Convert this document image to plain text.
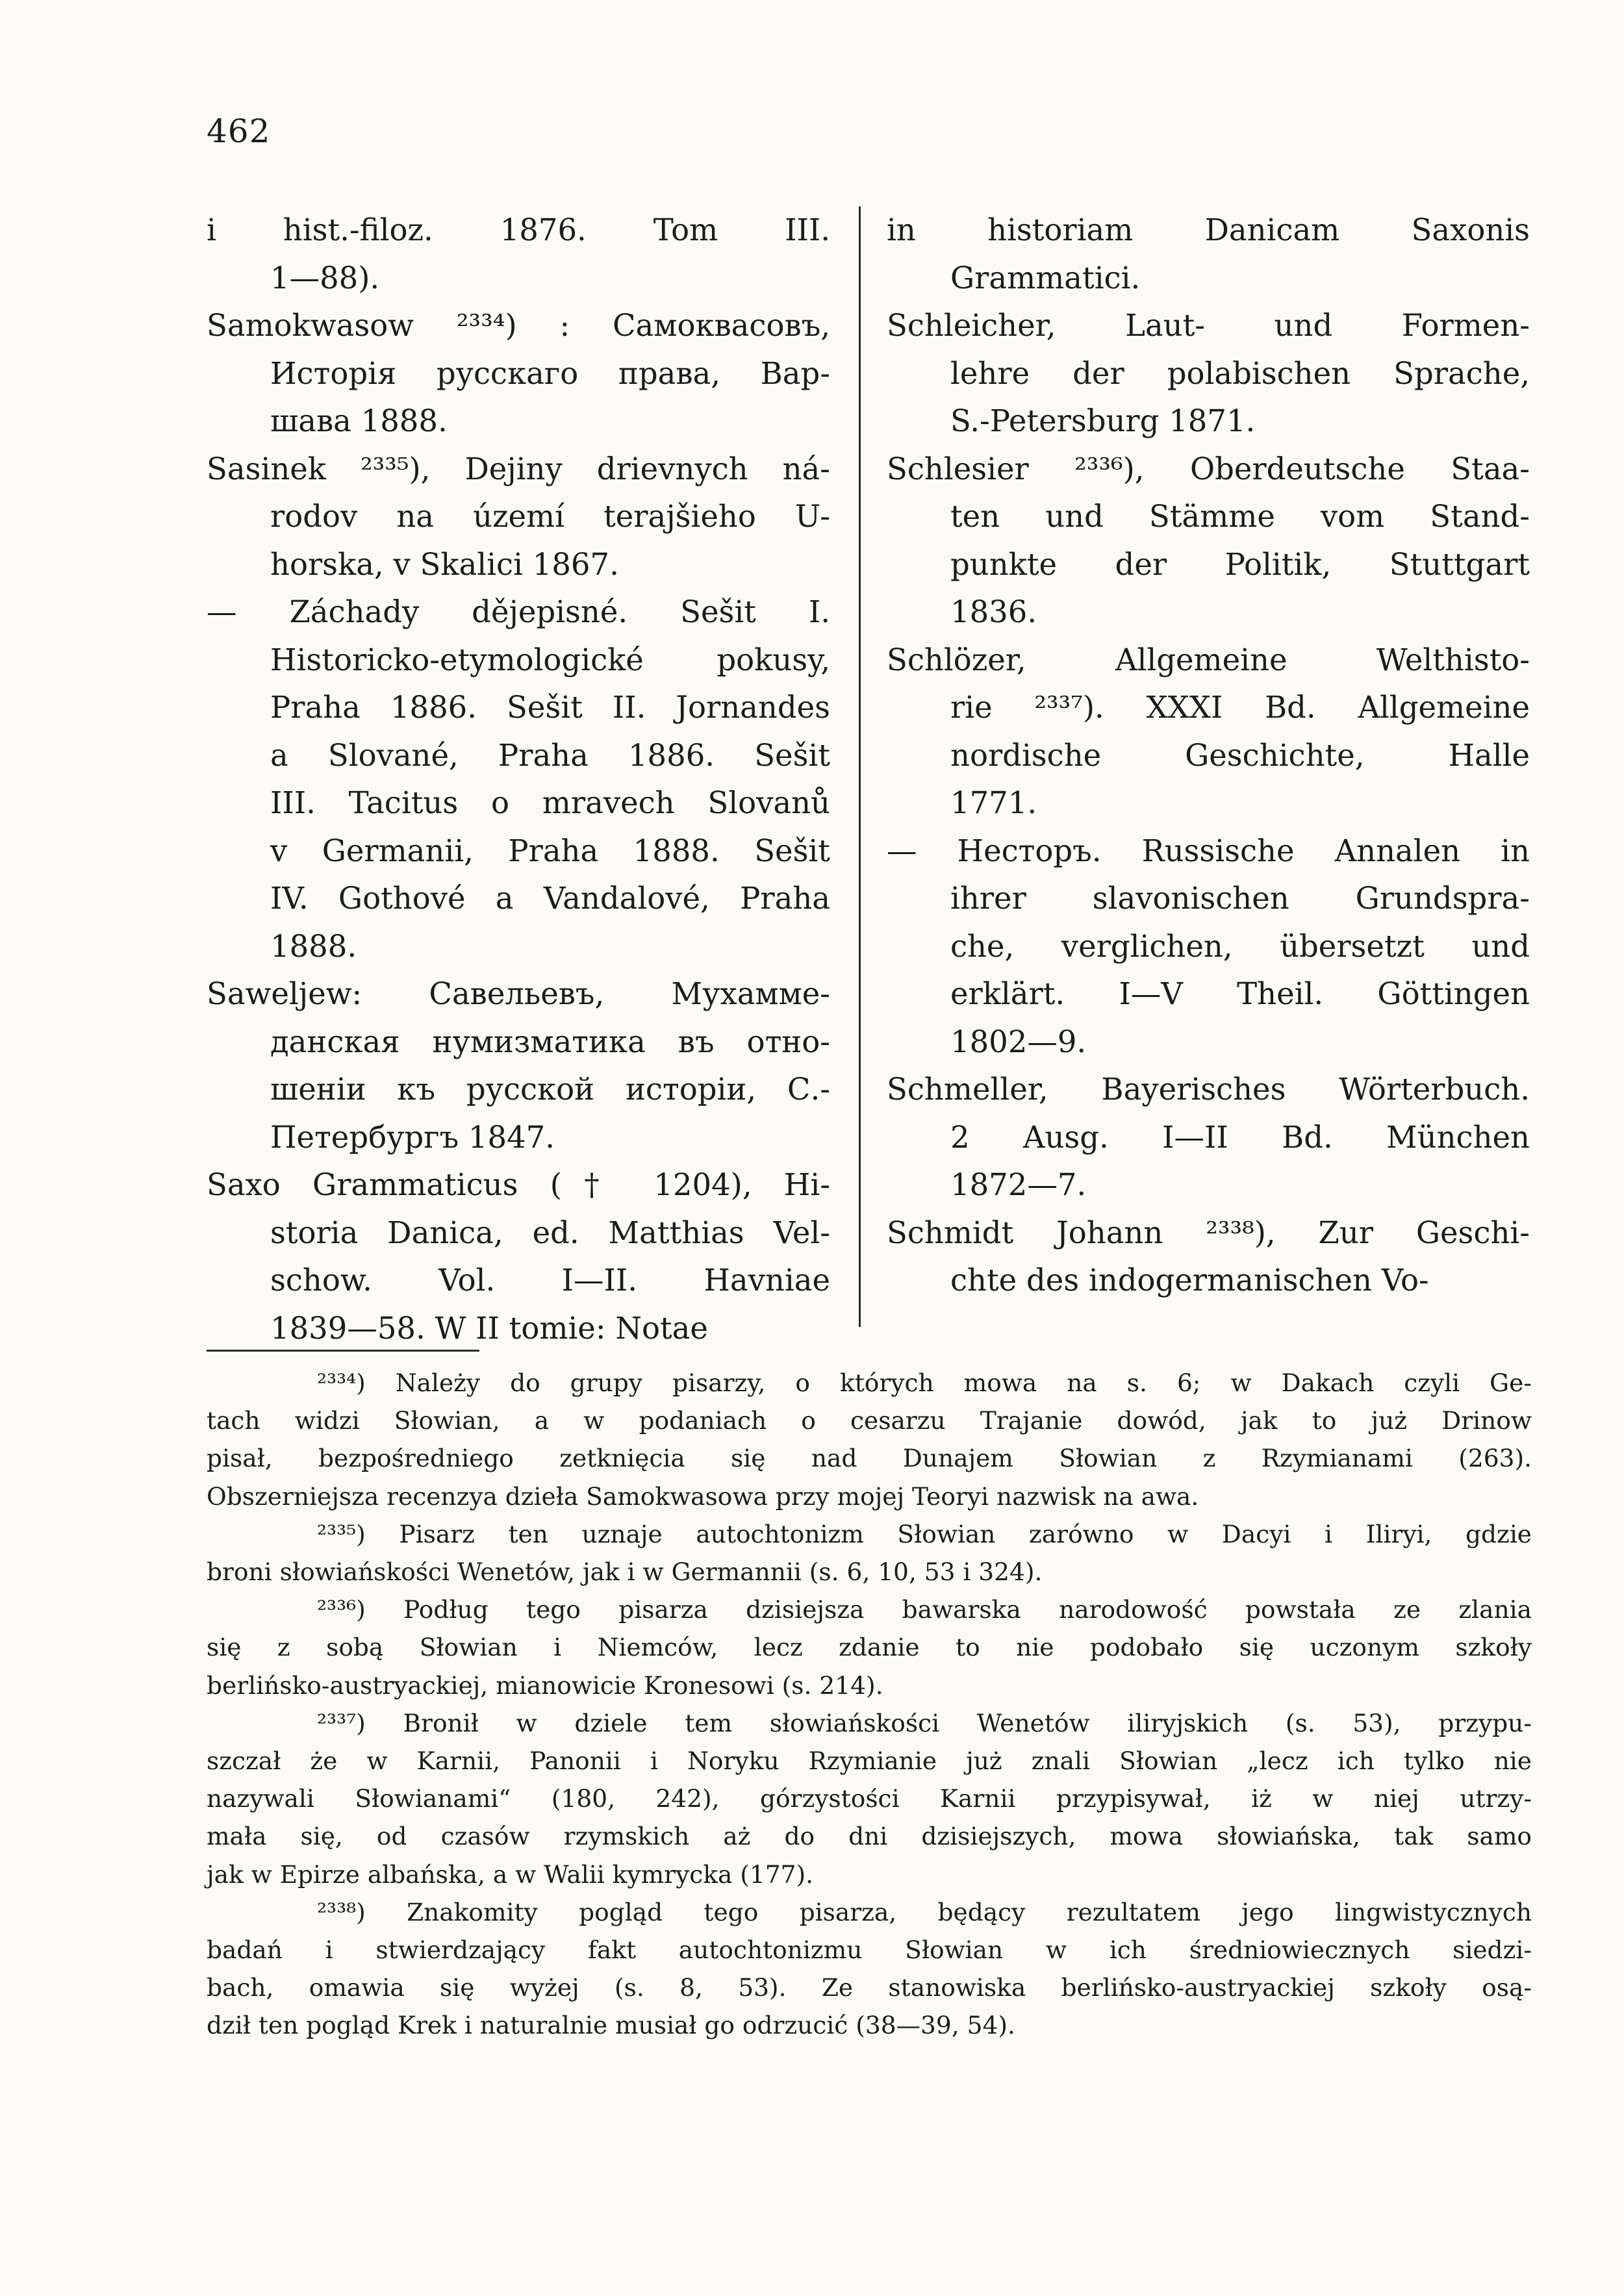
462
i hist.-filoz. 1876. Tom III.
1—88).
Samokwasow ²³³⁴) : Самоквасовъ,
Исторія русскаго права, Вар-
шава 1888.
Sasinek ²³³⁵), Dejiny drievnych ná-
rodov na území terajšieho U-
horska, v Skalici 1867.
— Záchady dějepisné. Sešit I.
Historicko-etymologické pokusy,
Praha 1886. Sešit II. Jornandes
a Slované, Praha 1886. Sešit
III. Tacitus o mravech Slovanů
v Germanii, Praha 1888. Sešit
IV. Gothové a Vandalové, Praha
1888.
Saweljew: Савельевъ, Мухамме-
данская нумизматика въ отно-
шеніи къ русской исторіи, С.-
Петербургъ 1847.
Saxo Grammaticus († 1204), Hi-
storia Danica, ed. Matthias Vel-
schow. Vol. I—II. Havniae
1839—58. W II tomie: Notae
in historiam Danicam Saxonis
Grammatici.
Schleicher, Laut- und Formen-
lehre der polabischen Sprache,
S.-Petersburg 1871.
Schlesier ²³³⁶), Oberdeutsche Staa-
ten und Stämme vom Stand-
punkte der Politik, Stuttgart
1836.
Schlözer, Allgemeine Welthisto-
rie ²³³⁷). XXXI Bd. Allgemeine
nordische Geschichte, Halle
1771.
— Несторъ. Russische Annalen in
ihrer slavonischen Grundspra-
che, verglichen, übersetzt und
erklärt. I—V Theil. Göttingen
1802—9.
Schmeller, Bayerisches Wörterbuch.
2 Ausg. I—II Bd. München
1872—7.
Schmidt Johann ²³³⁸), Zur Geschi-
chte des indogermanischen Vo-
²³³⁴) Należy do grupy pisarzy, o których mowa na s. 6; w Dakach czyli Ge-
tach widzi Słowian, a w podaniach o cesarzu Trajanie dowód, jak to już Drinow
pisał, bezpośredniego zetknięcia się nad Dunajem Słowian z Rzymianami (263).
Obszerniejsza recenzya dzieła Samokwasowa przy mojej Teoryi nazwisk na awa.
²³³⁵) Pisarz ten uznaje autochtonizm Słowian zarówno w Dacyi i Iliryi, gdzie
broni słowiańskości Wenetów, jak i w Germannii (s. 6, 10, 53 i 324).
²³³⁶) Podług tego pisarza dzisiejsza bawarska narodowość powstała ze zlania
się z sobą Słowian i Niemców, lecz zdanie to nie podobało się uczonym szkoły
berlińsko-austryackiej, mianowicie Kronesowi (s. 214).
²³³⁷) Bronił w dziele tem słowiańskości Wenetów iliryjskich (s. 53), przypu-
szczał że w Karnii, Panonii i Noryku Rzymianie już znali Słowian „lecz ich tylko nie
nazywali Słowianami“ (180, 242), górzystości Karnii przypisywał, iż w niej utrzy-
mała się, od czasów rzymskich aż do dni dzisiejszych, mowa słowiańska, tak samo
jak w Epirze albańska, a w Walii kymrycka (177).
²³³⁸) Znakomity pogląd tego pisarza, będący rezultatem jego lingwistycznych
badań i stwierdzający fakt autochtonizmu Słowian w ich średniowiecznych siedzi-
bach, omawia się wyżej (s. 8, 53). Ze stanowiska berlińsko-austryackiej szkoły osą-
dził ten pogląd Krek i naturalnie musiał go odrzucić (38—39, 54).
